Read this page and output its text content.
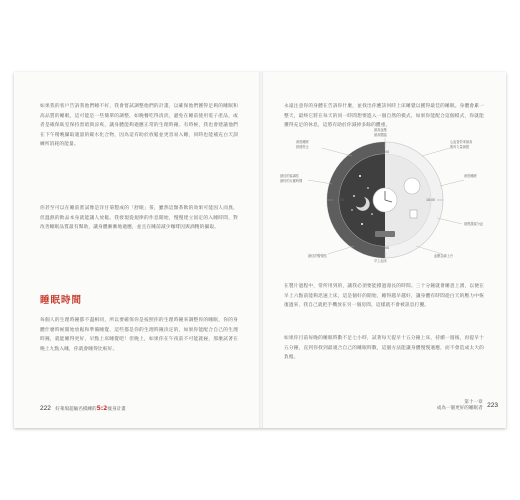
如果我的客戶告訴我他們睡不好，我會嘗試調整他們的計畫，以確保他們獲得足夠的睡眠和高品質的睡眠，這可能是一些簡單的調整，如晚餐吃得清淡，避免在睡前使用電子產品，或者是確保臥室保持黑暗與涼爽，讓身體能夠適應正常的生理時鐘。有時候，我也會建議他們在下午稍晚攝取適量的碳水化合物，因為這有助於放鬆並更容易入睡，同時也能補充白天訓練所消耗的能量。

你甚至可以在睡前嘗試像是洋甘菊製成的「舒眠」茶，雖然這類茶飲的效果可能因人而異，但溫熱的飲品本身就能讓人放鬆。我發現從規律的作息開始，慢慢建立固定的入睡時間，對改善睡眠品質最有幫助，讓身體漸漸地適應，並且在睡前減少咖啡因與酒精的攝取。

睡眠時間

每個人的生理時鐘都不盡相同，所以要確保你是按照你的生理時鐘來調整你的睡眠，你的身體什麼時候開始放鬆和準備睡覺，這些都是你的生理時鐘決定的，如果你能配合自己的生理時鐘，就能睡得更好，早點上床睡覺吧！但晚上，如果你在午夜前不可能就寢，那麼試著在晚上九點入睡，你就會睡得比較好。

222 好萊塢超級名模練的5:2瘦身計畫

永遠注意你的身體在告訴你什麼，並找出你應該何時上床睡覺以獲得最佳的睡眠。身體會累一整天，最終它將在每天的同一時間想要進入一個自然的模式，如果你能配合這個模式，你就能獲得充足的休息，這將有助於你減掉多餘的體重。

深度睡眠
排便停止
最高血壓
最高體溫
心血管效率最高
肌肉力量最強
最佳的協調性
最快的反應時間
深度睡眠
褪黑激素分泌
最佳的警覺性
早上起床
血壓急劇上升
00:00
06:00
12:00
18:00

在製片過程中，常所用到的，讓我必須要能撐過漫長的時間。三十分鐘就會睡意上湧，以便在早上六點前能夠迅速上床，這是個好的開始，睡得越早越好，讓身體有時間從白天的壓力中恢復過來，我自己就把手機放在另一個房間，這樣就不會被訊息打擾。

如果你目前每晚的睡眠時數不足七小時，試著每天提早十五分鐘上床，持續一週後，再提早十五分鐘，直到你找到最適合自己的睡眠時數，這個方法能讓身體慢慢適應，而不會造成太大的負擔。

第十一章
成為一個更好的睡眠者 223
